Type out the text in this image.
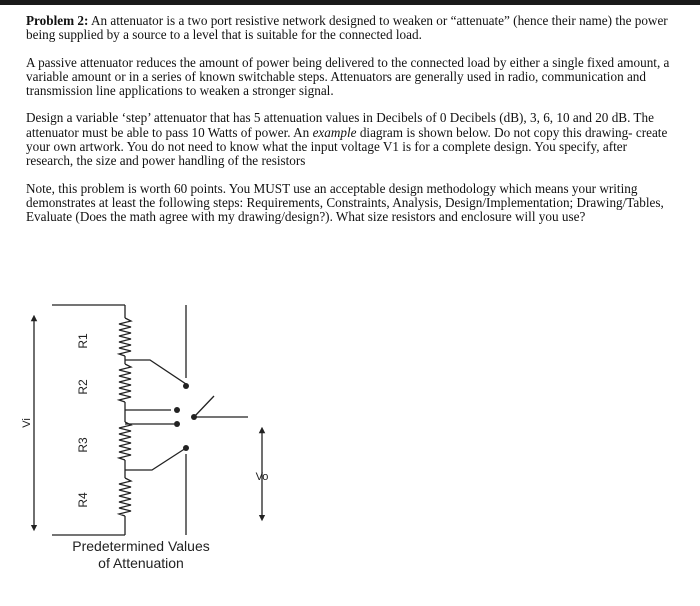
Problem 2: An attenuator is a two port resistive network designed to weaken or “attenuate” (hence their name) the power being supplied by a source to a level that is suitable for the connected load.

A passive attenuator reduces the amount of power being delivered to the connected load by either a single fixed amount, a variable amount or in a series of known switchable steps. Attenuators are generally used in radio, communication and transmission line applications to weaken a stronger signal.

Design a variable ‘step’ attenuator that has 5 attenuation values in Decibels of 0 Decibels (dB), 3, 6, 10 and 20 dB. The attenuator must be able to pass 10 Watts of power. An example diagram is shown below. Do not copy this drawing- create your own artwork. You do not need to know what the input voltage V1 is for a complete design. You specify, after research, the size and power handling of the resistors

Note, this problem is worth 60 points. You MUST use an acceptable design methodology which means your writing demonstrates at least the following steps: Requirements, Constraints, Analysis, Design/Implementation; Drawing/Tables, Evaluate (Does the math agree with my drawing/design?). What size resistors and enclosure will you use?

Vi
R1
R2
R3
R4
Vo
Predetermined Values
of Attenuation
